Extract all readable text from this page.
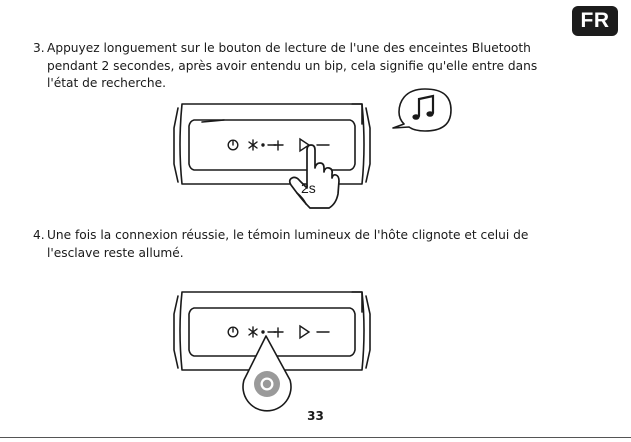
FR
3. Appuyez longuement sur le bouton de lecture de l'une des enceintes Bluetooth
pendant 2 secondes, après avoir entendu un bip, cela signifie qu'elle entre dans
l'état de recherche.
4. Une fois la connexion réussie, le témoin lumineux de l'hôte clignote et celui de
l'esclave reste allumé.
2s
33
